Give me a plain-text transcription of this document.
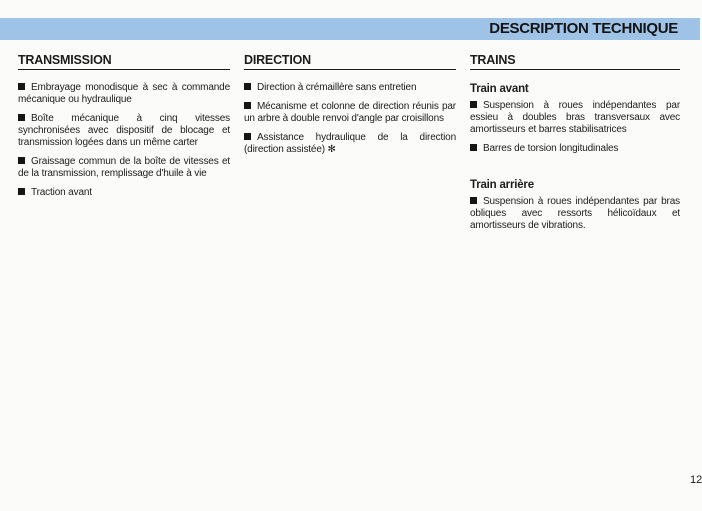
DESCRIPTION TECHNIQUE
TRANSMISSION
Embrayage monodisque à sec à commande mécanique ou hydraulique
Boîte mécanique à cinq vitesses synchronisées avec dispositif de blocage et transmission logées dans un même carter
Graissage commun de la boîte de vitesses et de la transmission, remplissage d'huile à vie
Traction avant
DIRECTION
Direction à crémaillère sans entretien
Mécanisme et colonne de direction réunis par un arbre à double renvoi d'angle par croisillons
Assistance hydraulique de la direction (direction assistée) ✻
TRAINS
Train avant
Suspension à roues indépendantes par essieu à doubles bras transversaux avec amortisseurs et barres stabilisatrices
Barres de torsion longitudinales
Train arrière
Suspension à roues indépendantes par bras obliques avec ressorts hélicoïdaux et amortisseurs de vibrations.
12
